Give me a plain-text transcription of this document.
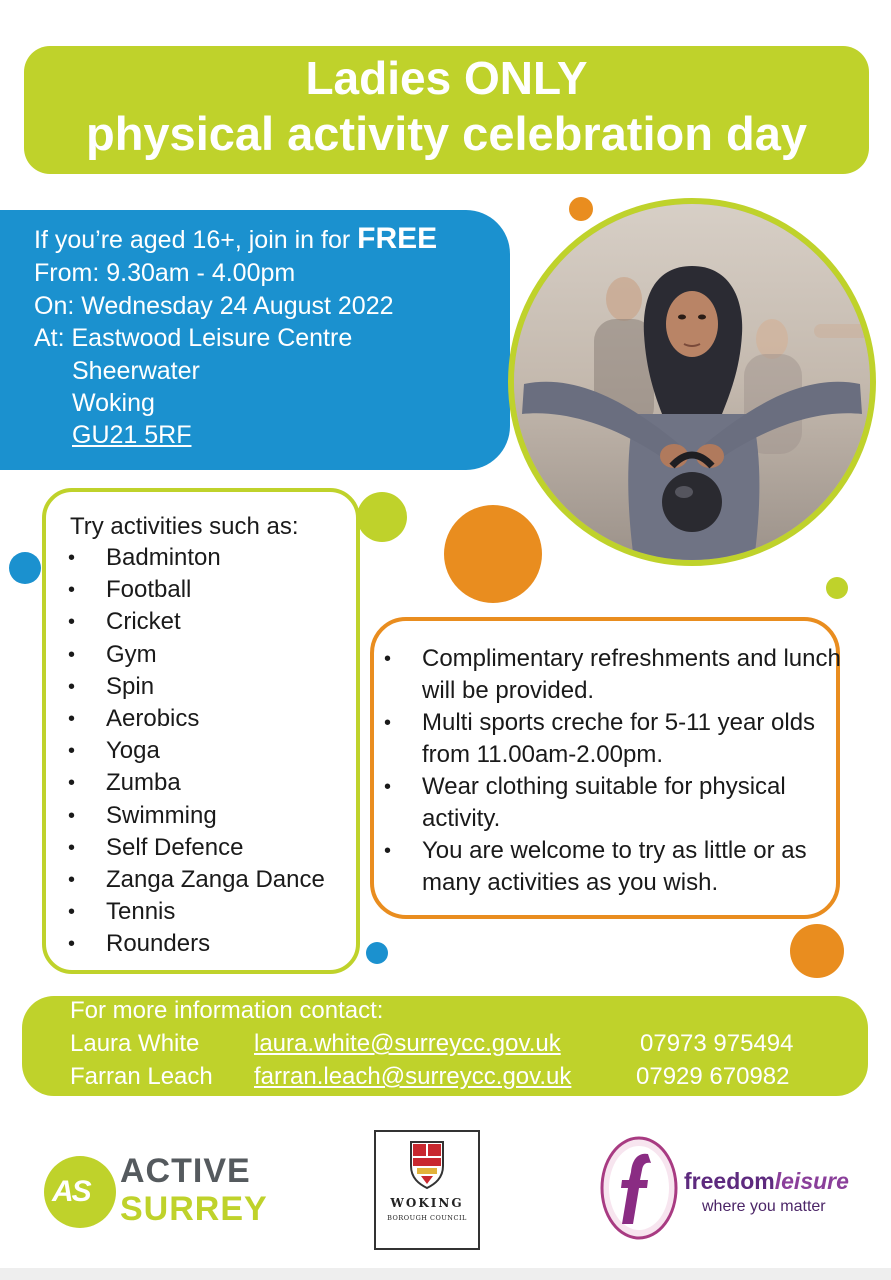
Ladies ONLY
physical activity celebration day
If you’re aged 16+, join in for FREE
From: 9.30am - 4.00pm
On: Wednesday 24 August 2022
At: Eastwood Leisure Centre
Sheerwater
Woking
GU21 5RF
Try activities such as:
• Badminton
• Football
• Cricket
• Gym
• Spin
• Aerobics
• Yoga
• Zumba
• Swimming
• Self Defence
• Zanga Zanga Dance
• Tennis
• Rounders
• Complimentary refreshments and lunch will be provided.
• Multi sports creche for 5-11 year olds from 11.00am-2.00pm.
• Wear clothing suitable for physical activity.
• You are welcome to try as little or as many activities as you wish.
For more information contact:
Laura White laura.white@surreycc.gov.uk	07973 975494
Farran Leach farran.leach@surreycc.gov.uk	07929 670982
AS
ACTIVE
SURREY	WOKING
BOROUGH COUNCIL
freedomleisure
where you matter
